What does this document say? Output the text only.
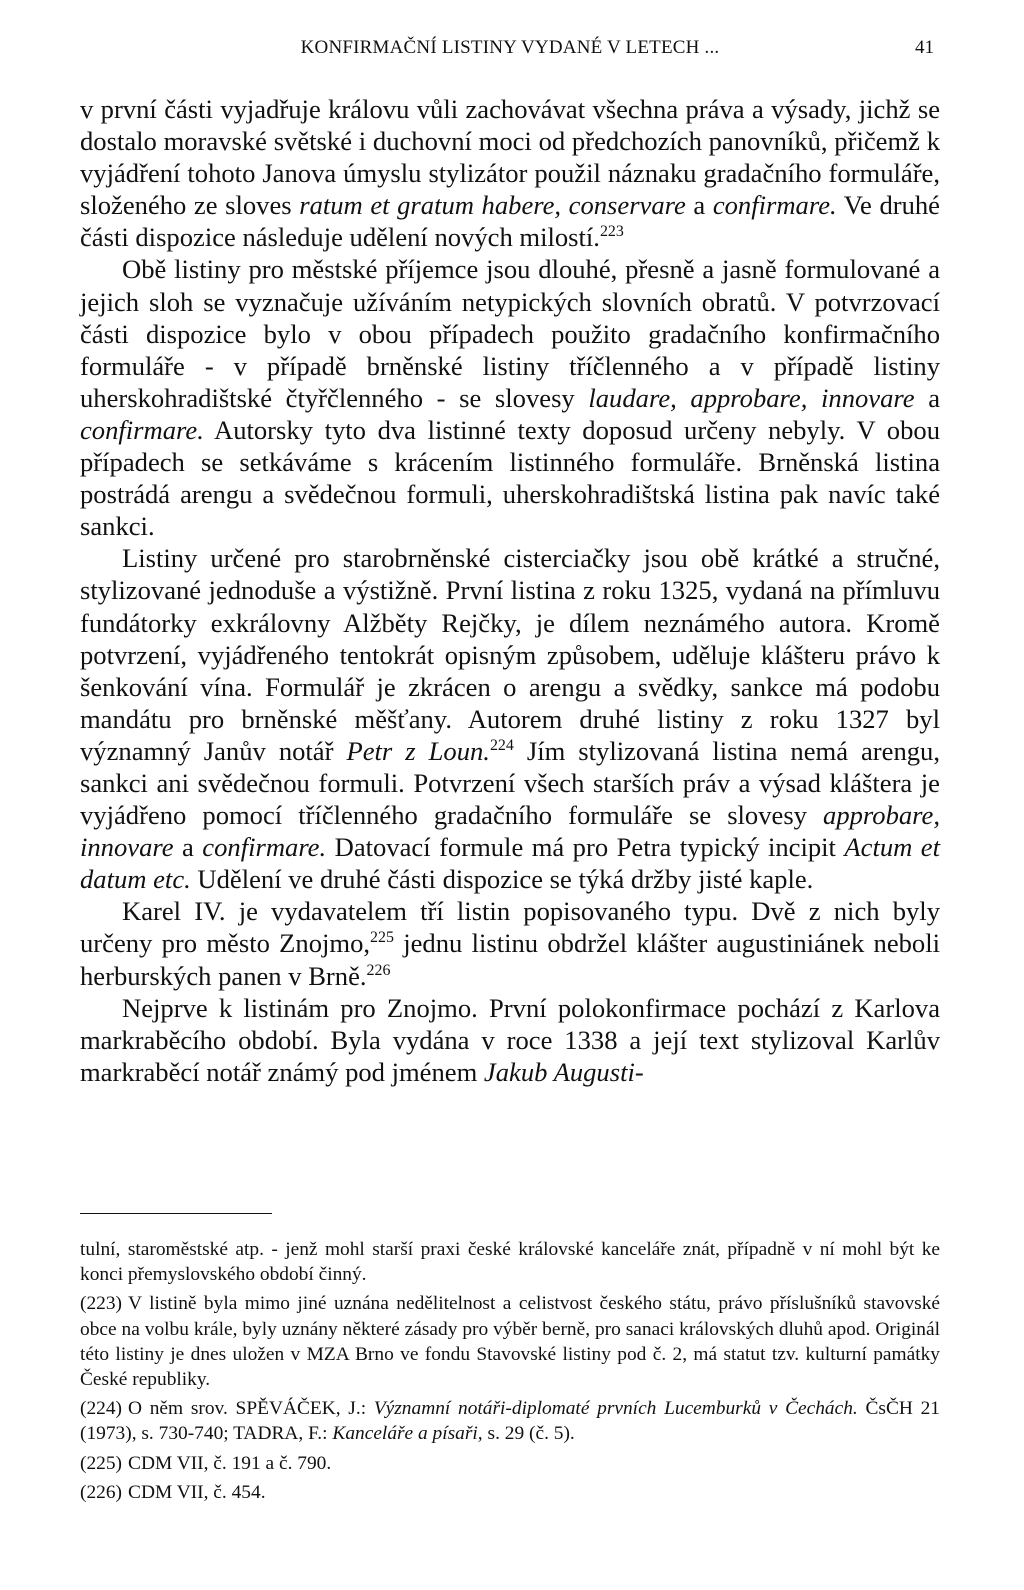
KONFIRMAČNÍ LISTINY VYDANÉ V LETECH ...	41

v první části vyjadřuje královu vůli zachovávat všechna práva a výsady, jichž se dostalo moravské světské i duchovní moci od předchozích panovníků, přičemž k vyjádření tohoto Janova úmyslu stylizátor použil náznaku gradačního formuláře, složeného ze sloves ratum et gratum habere, conservare a confirmare. Ve druhé části dispozice následuje udělení nových milostí.$^{223}$

Obě listiny pro městské příjemce jsou dlouhé, přesně a jasně formulované a jejich sloh se vyznačuje užíváním netypických slovních obratů. V potvrzovací části dispozice bylo v obou případech použito gradačního konfirmačního formuláře - v případě brněnské listiny tříčlenného a v případě listiny uherskohradištské čtyřčlenného - se slovesy laudare, approbare, innovare a confirmare. Autorsky tyto dva listinné texty doposud určeny nebyly. V obou případech se setkáváme s krácením listinného formuláře. Brněnská listina postrádá arengu a svědečnou formuli, uherskohradištská listina pak navíc také sankci.

Listiny určené pro starobrněnské cisterciačky jsou obě krátké a stručné, stylizované jednoduše a výstižně. První listina z roku 1325, vydaná na přímluvu fundátorky exkrálovny Alžběty Rejčky, je dílem neznámého autora. Kromě potvrzení, vyjádřeného tentokrát opisným způsobem, uděluje klášteru právo k šenkování vína. Formulář je zkrácen o arengu a svědky, sankce má podobu mandátu pro brněnské měšťany. Autorem druhé listiny z roku 1327 byl významný Janův notář Petr z Loun.$^{224}$ Jím stylizovaná listina nemá arengu, sankci ani svědečnou formuli. Potvrzení všech starších práv a výsad kláštera je vyjádřeno pomocí tříčlenného gradačního formuláře se slovesy approbare, innovare a confirmare. Datovací formule má pro Petra typický incipit Actum et datum etc. Udělení ve druhé části dispozice se týká držby jisté kaple.

Karel IV. je vydavatelem tří listin popisovaného typu. Dvě z nich byly určeny pro město Znojmo,$^{225}$ jednu listinu obdržel klášter augustiniánek neboli herburských panen v Brně.$^{226}$

Nejprve k listinám pro Znojmo. První polokonfirmace pochází z Karlova markraběcího období. Byla vydána v roce 1338 a její text stylizoval Karlův markraběcí notář známý pod jménem Jakub Augusti-

tulní, staroměstské atp. - jenž mohl starší praxi české královské kanceláře znát, případně v ní mohl být ke konci přemyslovského období činný.

(223) V listině byla mimo jiné uznána nedělitelnost a celistvost českého státu, právo příslušníků stavovské obce na volbu krále, byly uznány některé zásady pro výběr berně, pro sanaci královských dluhů apod. Originál této listiny je dnes uložen v MZA Brno ve fondu Stavovské listiny pod č. 2, má statut tzv. kulturní památky České republiky.

(224) O něm srov. SPĚVÁČEK, J.: Významní notáři-diplomaté prvních Lucemburků v Čechách. ČsČH 21 (1973), s. 730-740; TADRA, F.: Kanceláře a písaři, s. 29 (č. 5).

(225) CDM VII, č. 191 a č. 790.

(226) CDM VII, č. 454.
